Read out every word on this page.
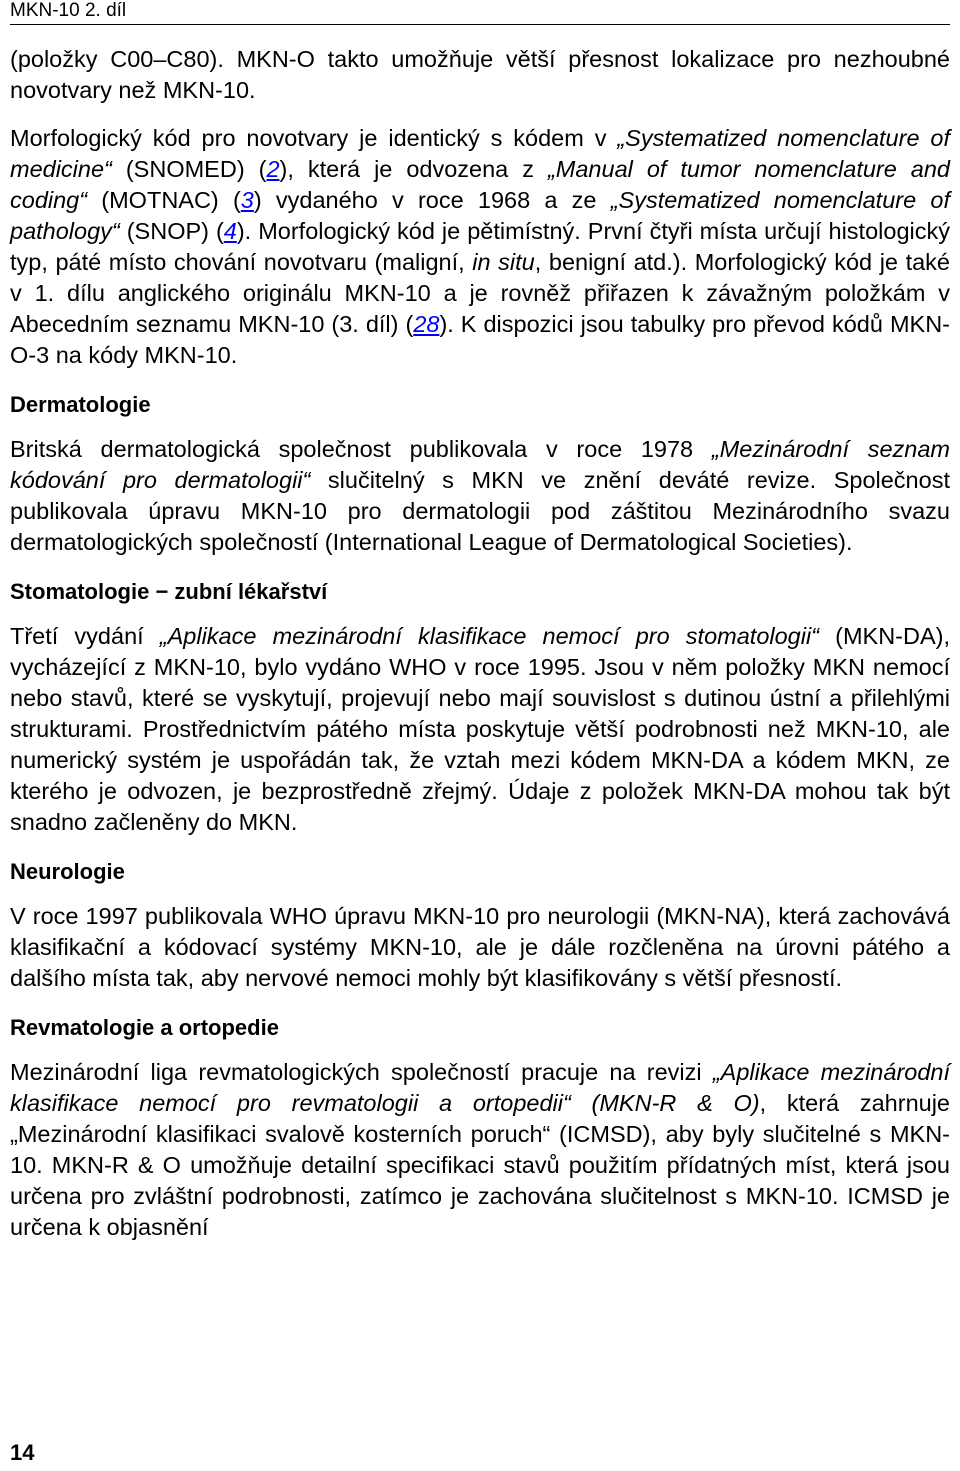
MKN-10 2. díl

(položky C00–C80). MKN-O takto umožňuje větší přesnost lokalizace pro nezhoubné novotvary než MKN-10.

Morfologický kód pro novotvary je identický s kódem v „Systematized nomenclature of medicine“ (SNOMED) (2), která je odvozena z „Manual of tumor nomenclature and coding“ (MOTNAC) (3) vydaného v roce 1968 a ze „Systematized nomenclature of pathology“ (SNOP) (4). Morfologický kód je pětimístný. První čtyři místa určují histologický typ, páté místo chování novotvaru (maligní, in situ, benigní atd.). Morfologický kód je také v 1. dílu anglického originálu MKN-10 a je rovněž přiřazen k závažným položkám v Abecedním seznamu MKN-10 (3. díl) (28). K dispozici jsou tabulky pro převod kódů MKN-O-3 na kódy MKN-10.

Dermatologie

Britská dermatologická společnost publikovala v roce 1978 „Mezinárodní seznam kódování pro dermatologii“ slučitelný s MKN ve znění deváté revize. Společnost publikovala úpravu MKN-10 pro dermatologii pod záštitou Mezinárodního svazu dermatologických společností (International League of Dermatological Societies).

Stomatologie − zubní lékařství

Třetí vydání „Aplikace mezinárodní klasifikace nemocí pro stomatologii“ (MKN-DA), vycházející z MKN-10, bylo vydáno WHO v roce 1995. Jsou v něm položky MKN nemocí nebo stavů, které se vyskytují, projevují nebo mají souvislost s dutinou ústní a přilehlými strukturami. Prostřednictvím pátého místa poskytuje větší podrobnosti než MKN-10, ale numerický systém je uspořádán tak, že vztah mezi kódem MKN-DA a kódem MKN, ze kterého je odvozen, je bezprostředně zřejmý. Údaje z položek MKN-DA mohou tak být snadno začleněny do MKN.

Neurologie

V roce 1997 publikovala WHO úpravu MKN-10 pro neurologii (MKN-NA), která zachovává klasifikační a kódovací systémy MKN-10, ale je dále rozčleněna na úrovni pátého a dalšího místa tak, aby nervové nemoci mohly být klasifikovány s větší přesností.

Revmatologie a ortopedie

Mezinárodní liga revmatologických společností pracuje na revizi „Aplikace mezinárodní klasifikace nemocí pro revmatologii a ortopedii“ (MKN-R & O), která zahrnuje „Mezinárodní klasifikaci svalově kosterních poruch“ (ICMSD), aby byly slučitelné s MKN-10. MKN-R & O umožňuje detailní specifikaci stavů použitím přídatných míst, která jsou určena pro zvláštní podrobnosti, zatímco je zachována slučitelnost s MKN-10. ICMSD je určena k objasnění

14
